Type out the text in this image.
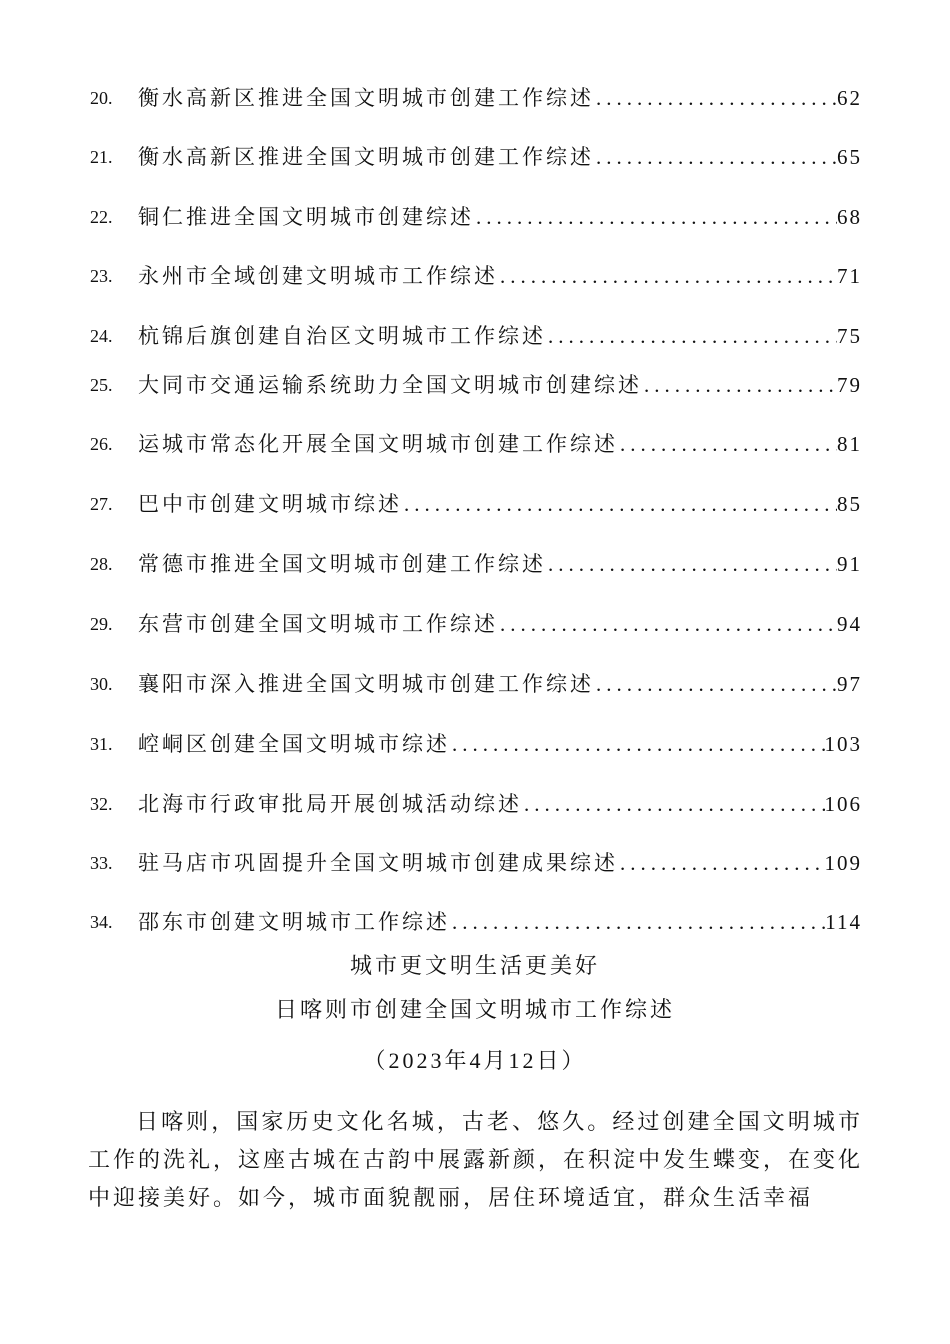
20.	衡水高新区推进全国文明城市创建工作综述 .....	62
21.	衡水高新区推进全国文明城市创建工作综述 .....	65
22.	铜仁推进全国文明城市创建综述 .....	68
23.	永州市全域创建文明城市工作综述 .....	71
24.	杭锦后旗创建自治区文明城市工作综述 .....	75
25.	大同市交通运输系统助力全国文明城市创建综述 .....	79
26.	运城市常态化开展全国文明城市创建工作综述 .....	81
27.	巴中市创建文明城市综述 .....	85
28.	常德市推进全国文明城市创建工作综述 .....	91
29.	东营市创建全国文明城市工作综述 .....	94
30.	襄阳市深入推进全国文明城市创建工作综述 .....	97
31.	崆峒区创建全国文明城市综述 .....	103
32.	北海市行政审批局开展创城活动综述 .....	106
33.	驻马店市巩固提升全国文明城市创建成果综述 .....	109
34.	邵东市创建文明城市工作综述 .....	114
城市更文明生活更美好
日喀则市创建全国文明城市工作综述
（2023年4月12日）
日喀则，国家历史文化名城，古老、悠久。经过创建全国文明城市工作的洗礼，这座古城在古韵中展露新颜，在积淀中发生蝶变，在变化中迎接美好。如今，城市面貌靓丽，居住环境适宜，群众生活幸福
